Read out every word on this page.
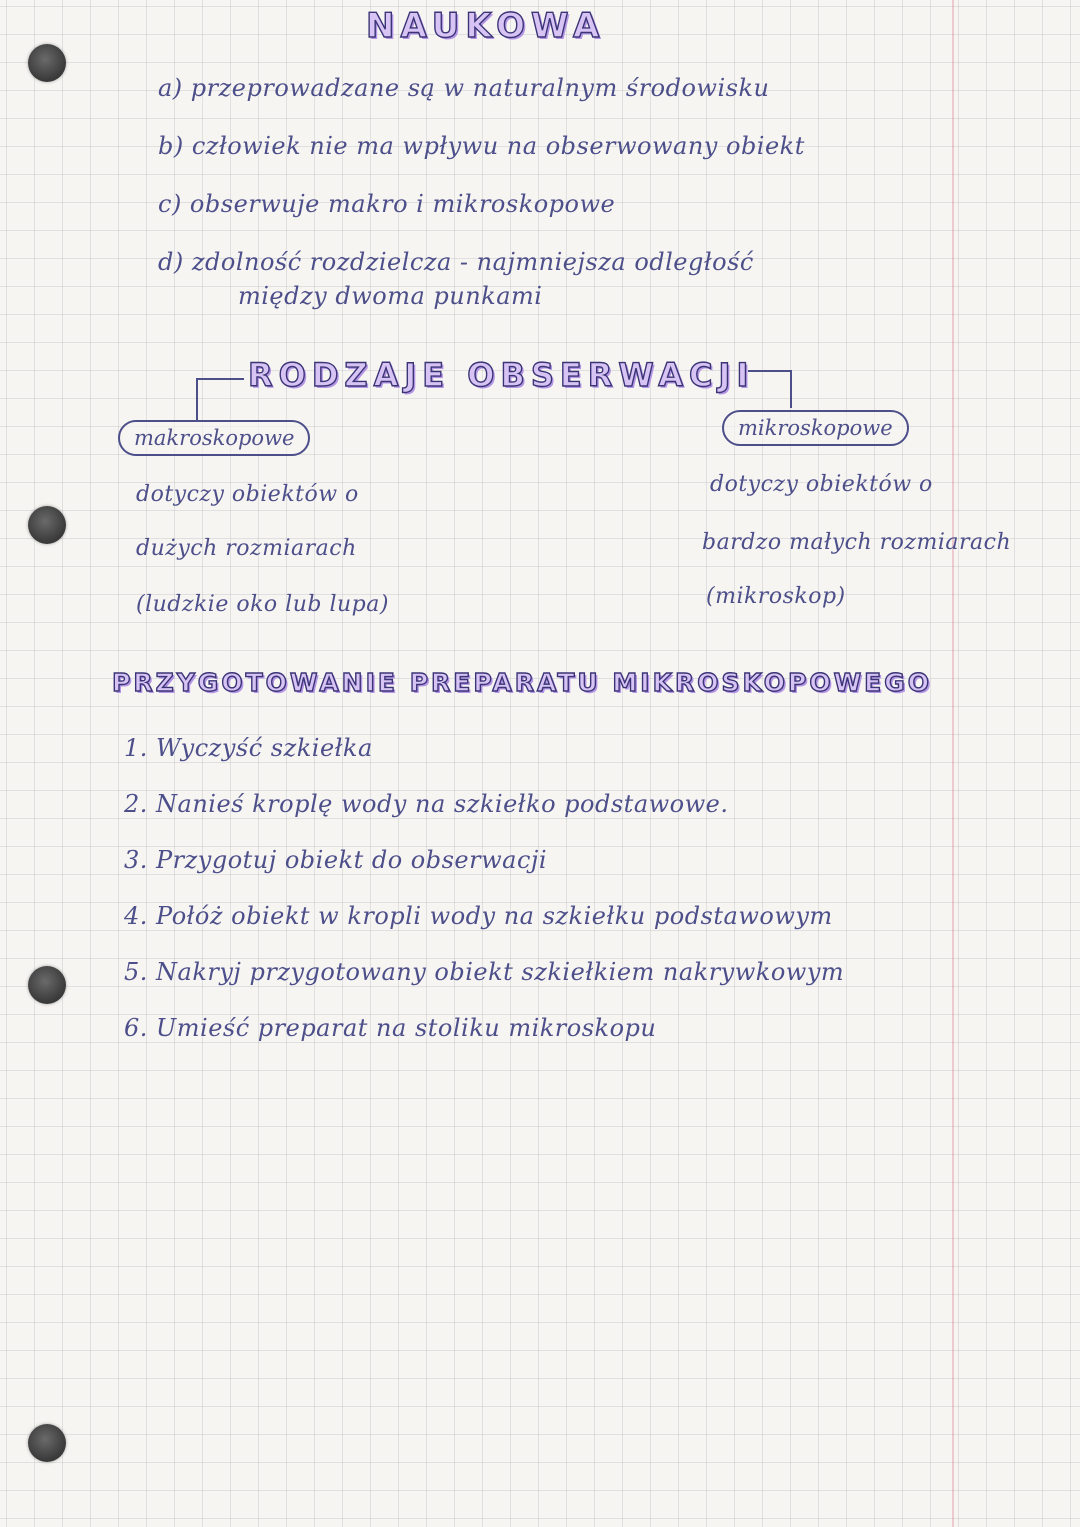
NAUKOWA
a) przeprowadzane są w naturalnym środowisku
b) człowiek nie ma wpływu na obserwowany obiekt
c) obserwuje makro i mikroskopowe
d) zdolność rozdzielcza - najmniejsza odległość
między dwoma punkami
RODZAJE OBSERWACJI
makroskopowe	mikroskopowe
dotyczy obiektów o
dużych rozmiarach
(ludzkie oko lub lupa)
dotyczy obiektów o
bardzo małych rozmiarach
(mikroskop)
PRZYGOTOWANIE PREPARATU MIKROSKOPOWEGO
1. Wyczyść szkiełka
2. Nanieś kroplę wody na szkiełko podstawowe.
3. Przygotuj obiekt do obserwacji
4. Połóż obiekt w kropli wody na szkiełku podstawowym
5. Nakryj przygotowany obiekt szkiełkiem nakrywkowym
6. Umieść preparat na stoliku mikroskopu
